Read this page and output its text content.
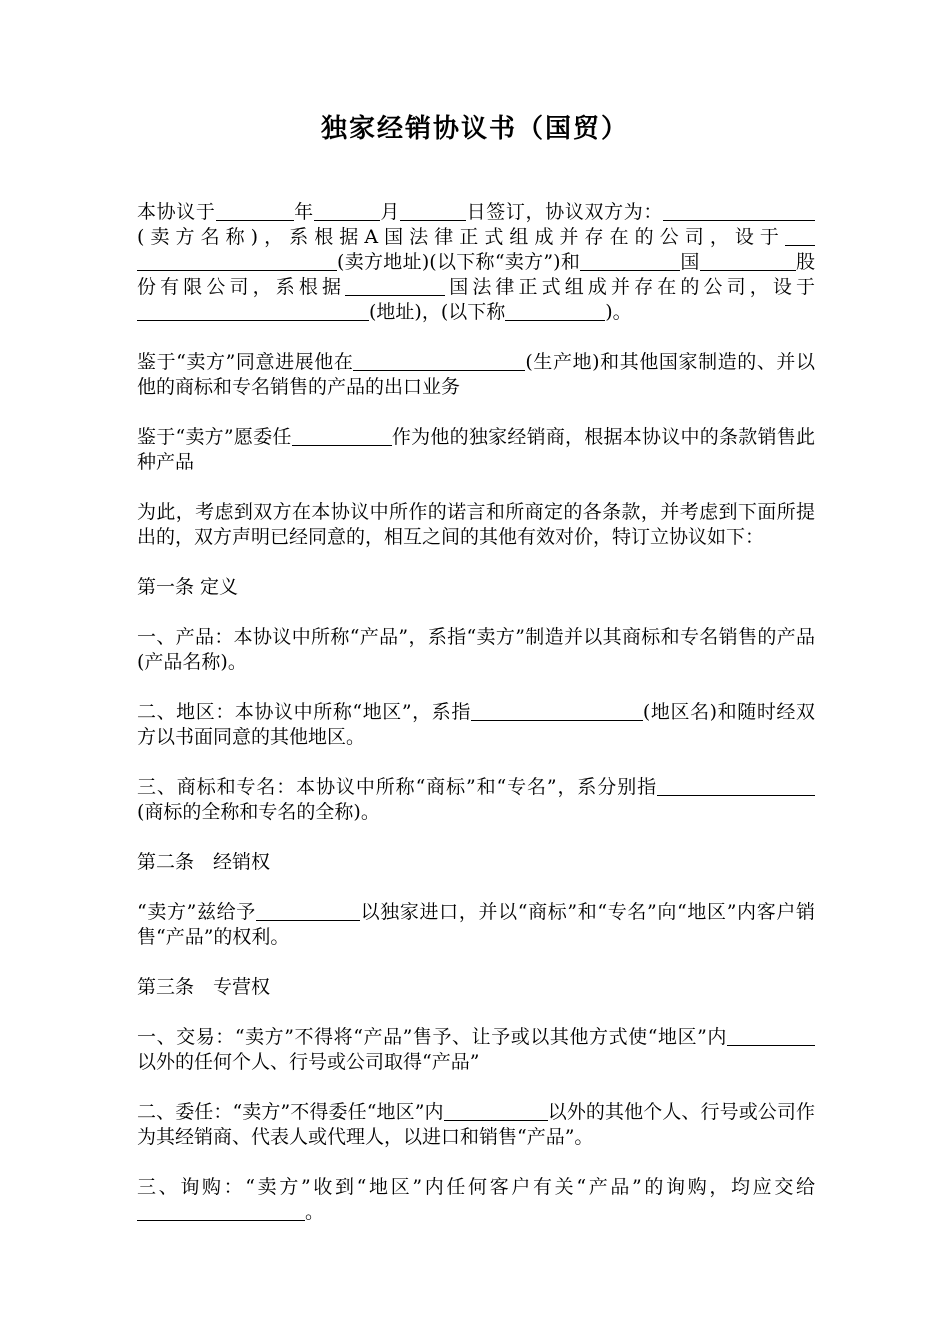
独家经销协议书（国贸）

本协议于	年	月	日签订，协议双方为：(卖方名称)，系根据A国法律正式组成并存在的公司，设于(卖方地址)(以下称“卖方”)和	国	股份有限公司，系根据	国法律正式组成并存在的公司，设于(地址)，(以下称	)。

鉴于“卖方”同意进展他在	(生产地)和其他国家制造的、并以他的商标和专名销售的产品的出口业务

鉴于“卖方”愿委任	作为他的独家经销商，根据本协议中的条款销售此种产品

为此，考虑到双方在本协议中所作的诺言和所商定的各条款，并考虑到下面所提出的，双方声明已经同意的，相互之间的其他有效对价，特订立协议如下：

第一条 定义

一、产品：本协议中所称“产品”，系指“卖方”制造并以其商标和专名销售的产品(产品名称)。

二、地区：本协议中所称“地区”，系指	(地区名)和随时经双方以书面同意的其他地区。

三、商标和专名：本协议中所称“商标”和“专名”，系分别指(商标的全称和专名的全称)。

第二条　经销权

“卖方”兹给予	以独家进口，并以“商标”和“专名”向“地区”内客户销售“产品”的权利。

第三条　专营权

一、交易：“卖方”不得将“产品”售予、让予或以其他方式使“地区”内以外的任何个人、行号或公司取得“产品”

二、委任：“卖方”不得委任“地区”内	以外的其他个人、行号或公司作为其经销商、代表人或代理人，以进口和销售“产品”。

三、询购：“卖方”收到“地区”内任何客户有关“产品”的询购，均应交给。
